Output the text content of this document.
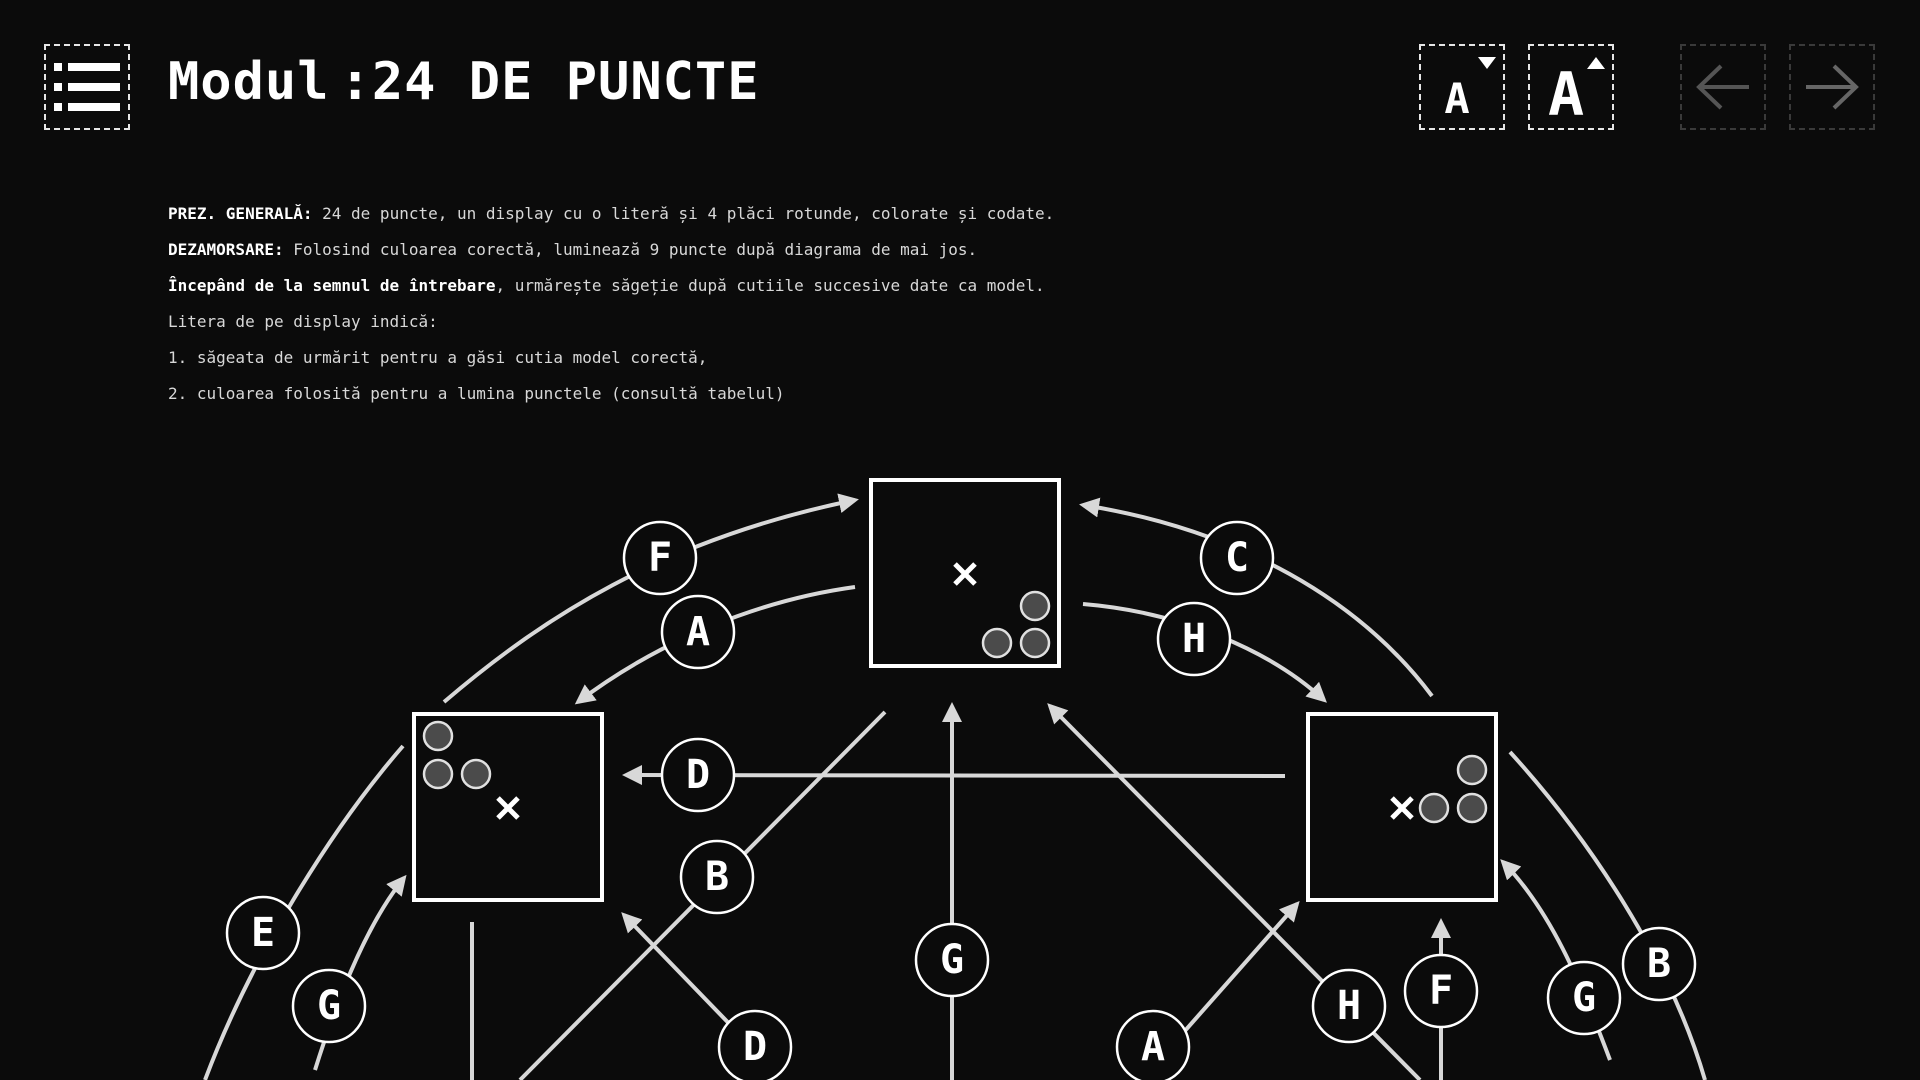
Modul :24 DE PUNCTE	A A

PREZ. GENERALĂ: 24 de puncte, un display cu o literă și 4 plăci rotunde, colorate și codate.

DEZAMORSARE: Folosind culoarea corectă, luminează 9 puncte după diagrama de mai jos.

Începând de la semnul de întrebare, urmărește săgeție după cutiile succesive date ca model.

Litera de pe display indică:

1. săgeata de urmărit pentru a găsi cutia model corectă,

2. culoarea folosită pentru a lumina punctele (consultă tabelul)

F
A
C
H
D
B
E
G
D
G
A
H F	G
B
